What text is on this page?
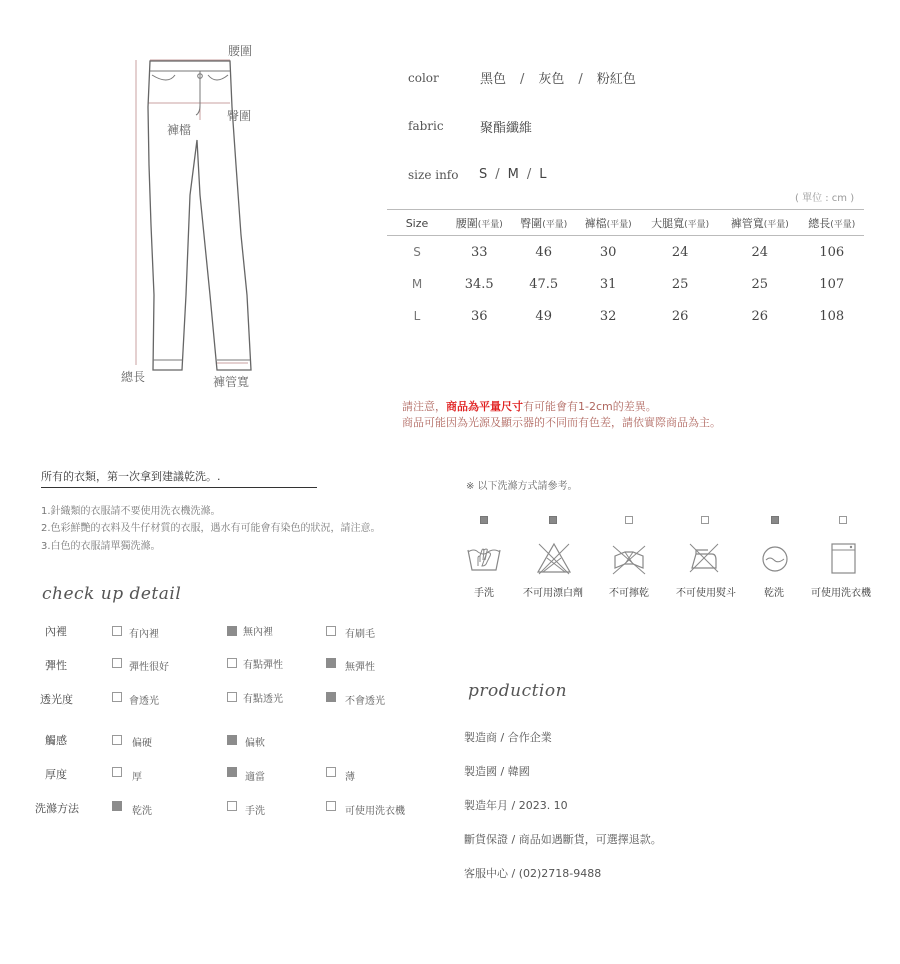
腰圍
臀圍
褲檔
總長	褲管寬
color	黑色 / 灰色 / 粉紅色
fabric	聚酯纖維
size info S / M / L
( 單位 : cm )
Size	腰圍(平量)	臀圍(平量)	褲檔(平量)	大腿寬(平量)	褲管寬(平量)	總長(平量)
S	33	46	30	24	24	106
M	34.5	47.5	31	25	25	107
L	36	49	32	26	26	108
請注意，商品為平量尺寸有可能會有1-2cm的差異。
商品可能因為光源及顯示器的不同而有色差，請依實際商品為主。
所有的衣類，第一次拿到建議乾洗。.
1.針織類的衣服請不要使用洗衣機洗滌。
2.色彩鮮艷的衣料及牛仔材質的衣服，遇水有可能會有染色的狀況，請注意。
3.白色的衣服請單獨洗滌。
※ 以下洗滌方式請參考。
手洗	不可用漂白劑	不可擰乾	不可使用熨斗	乾洗	可使用洗衣機
check up detail
內裡	有內裡	無內裡	有刷毛
彈性	彈性很好	有點彈性	無彈性
透光度	會透光	有點透光	不會透光
觸感	偏硬	偏軟
厚度	厚	適當	薄
洗滌方法	乾洗	手洗	可使用洗衣機
production
製造商 / 合作企業
製造國 / 韓國
製造年月 / 2023. 10
斷貨保證 / 商品如遇斷貨，可選擇退款。
客服中心 / (02)2718-9488
